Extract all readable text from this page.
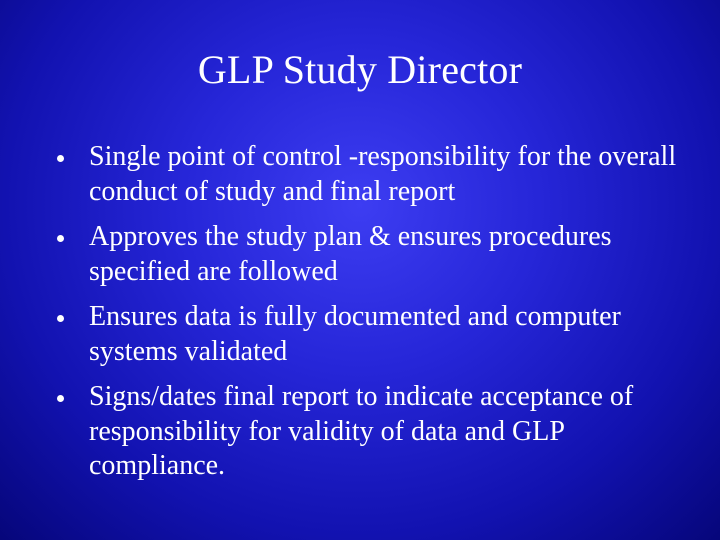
GLP Study Director
Single point of control -responsibility for the overall conduct of study and final report
Approves the study plan & ensures procedures specified are followed
Ensures data is fully documented and computer systems validated
Signs/dates final report to indicate acceptance of responsibility for validity of data and GLP compliance.
